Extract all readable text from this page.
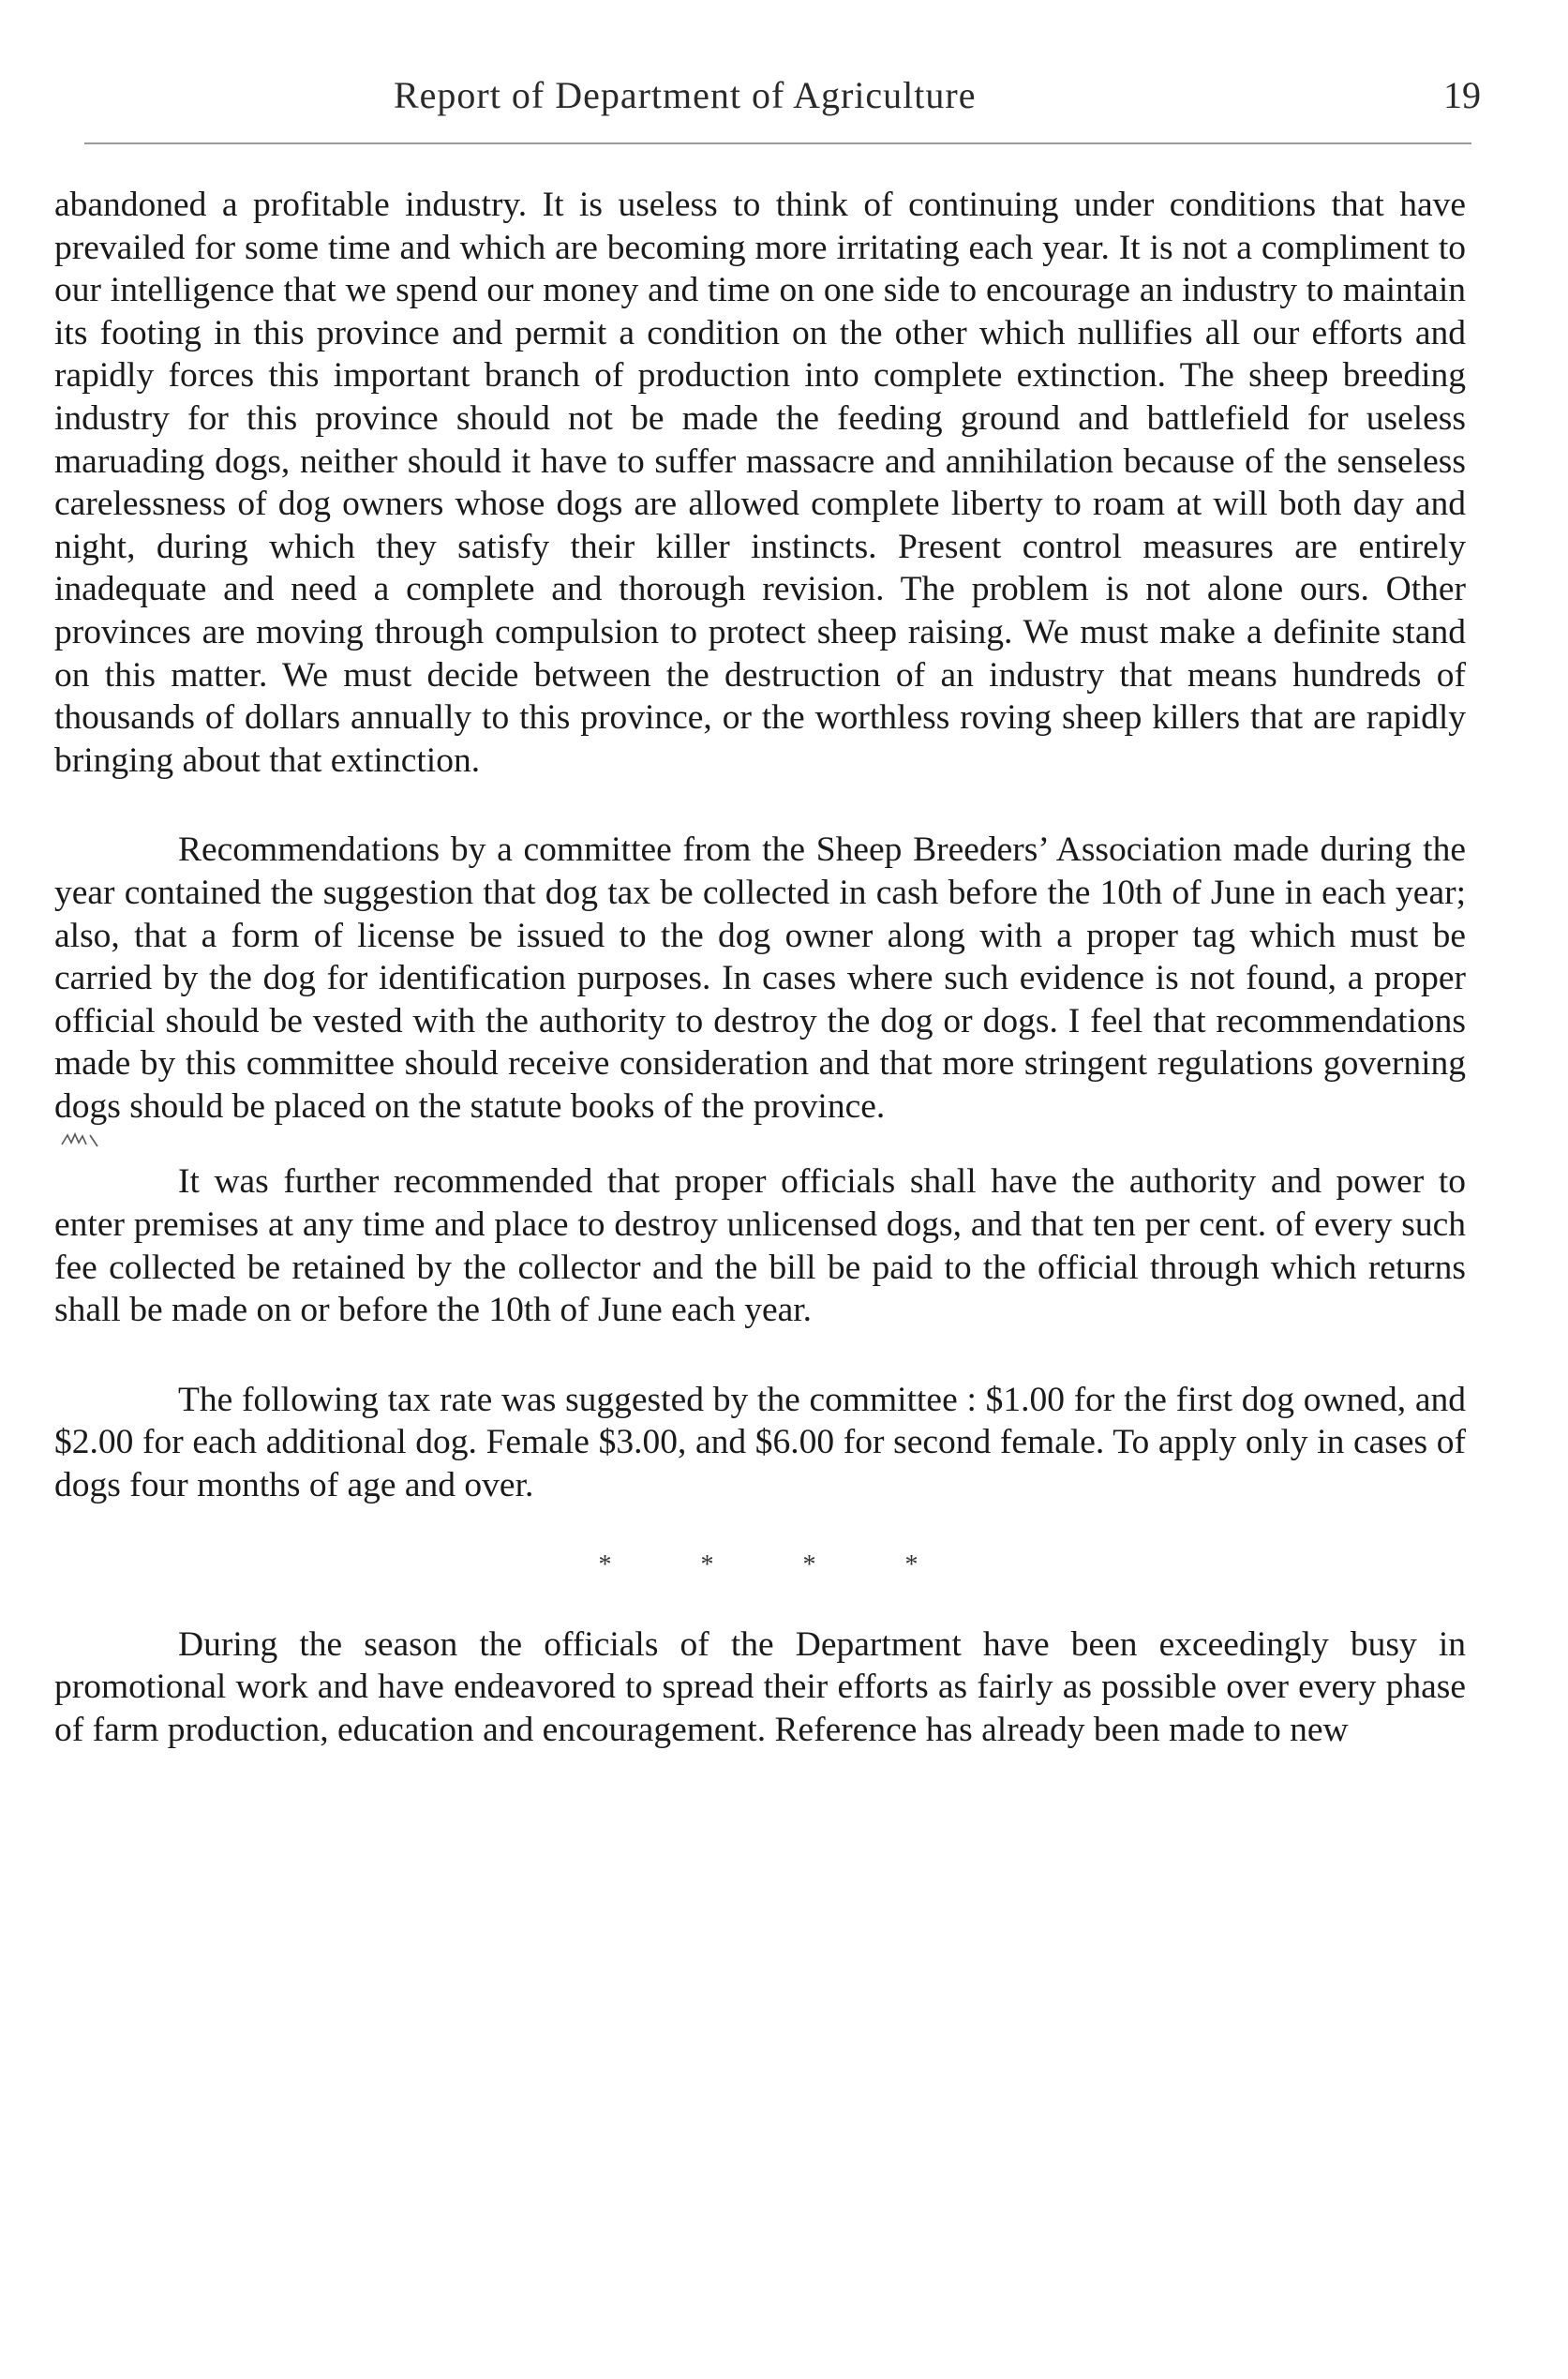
Report of Department of Agriculture	19

abandoned a profitable industry. It is useless to think of continuing under conditions that have prevailed for some time and which are becoming more irritating each year. It is not a compliment to our intelligence that we spend our money and time on one side to encourage an industry to maintain its footing in this province and permit a condition on the other which nullifies all our efforts and rapidly forces this important branch of production into complete extinction. The sheep breeding industry for this province should not be made the feeding ground and battlefield for useless maruading dogs, neither should it have to suffer massacre and annihilation because of the senseless carelessness of dog owners whose dogs are allowed complete liberty to roam at will both day and night, during which they satisfy their killer instincts. Present control measures are entirely inadequate and need a complete and thorough revision. The problem is not alone ours. Other provinces are moving through compulsion to protect sheep raising. We must make a definite stand on this matter. We must decide between the destruction of an industry that means hundreds of thousands of dollars annually to this province, or the worthless roving sheep killers that are rapidly bringing about that extinction.

Recommendations by a committee from the Sheep Breeders’ Association made during the year contained the suggestion that dog tax be collected in cash before the 10th of June in each year; also, that a form of license be issued to the dog owner along with a proper tag which must be carried by the dog for identification purposes. In cases where such evidence is not found, a proper official should be vested with the authority to destroy the dog or dogs. I feel that recommendations made by this committee should receive consideration and that more stringent regulations governing dogs should be placed on the statute books of the province.

It was further recommended that proper officials shall have the authority and power to enter premises at any time and place to destroy unlicensed dogs, and that ten per cent. of every such fee collected be retained by the collector and the bill be paid to the official through which returns shall be made on or before the 10th of June each year.

The following tax rate was suggested by the committee : $1.00 for the first dog owned, and $2.00 for each additional dog. Female $3.00, and $6.00 for second female. To apply only in cases of dogs four months of age and over.

* * * *

During the season the officials of the Department have been exceedingly busy in promotional work and have endeavored to spread their efforts as fairly as possible over every phase of farm production, education and encouragement. Reference has already been made to new
